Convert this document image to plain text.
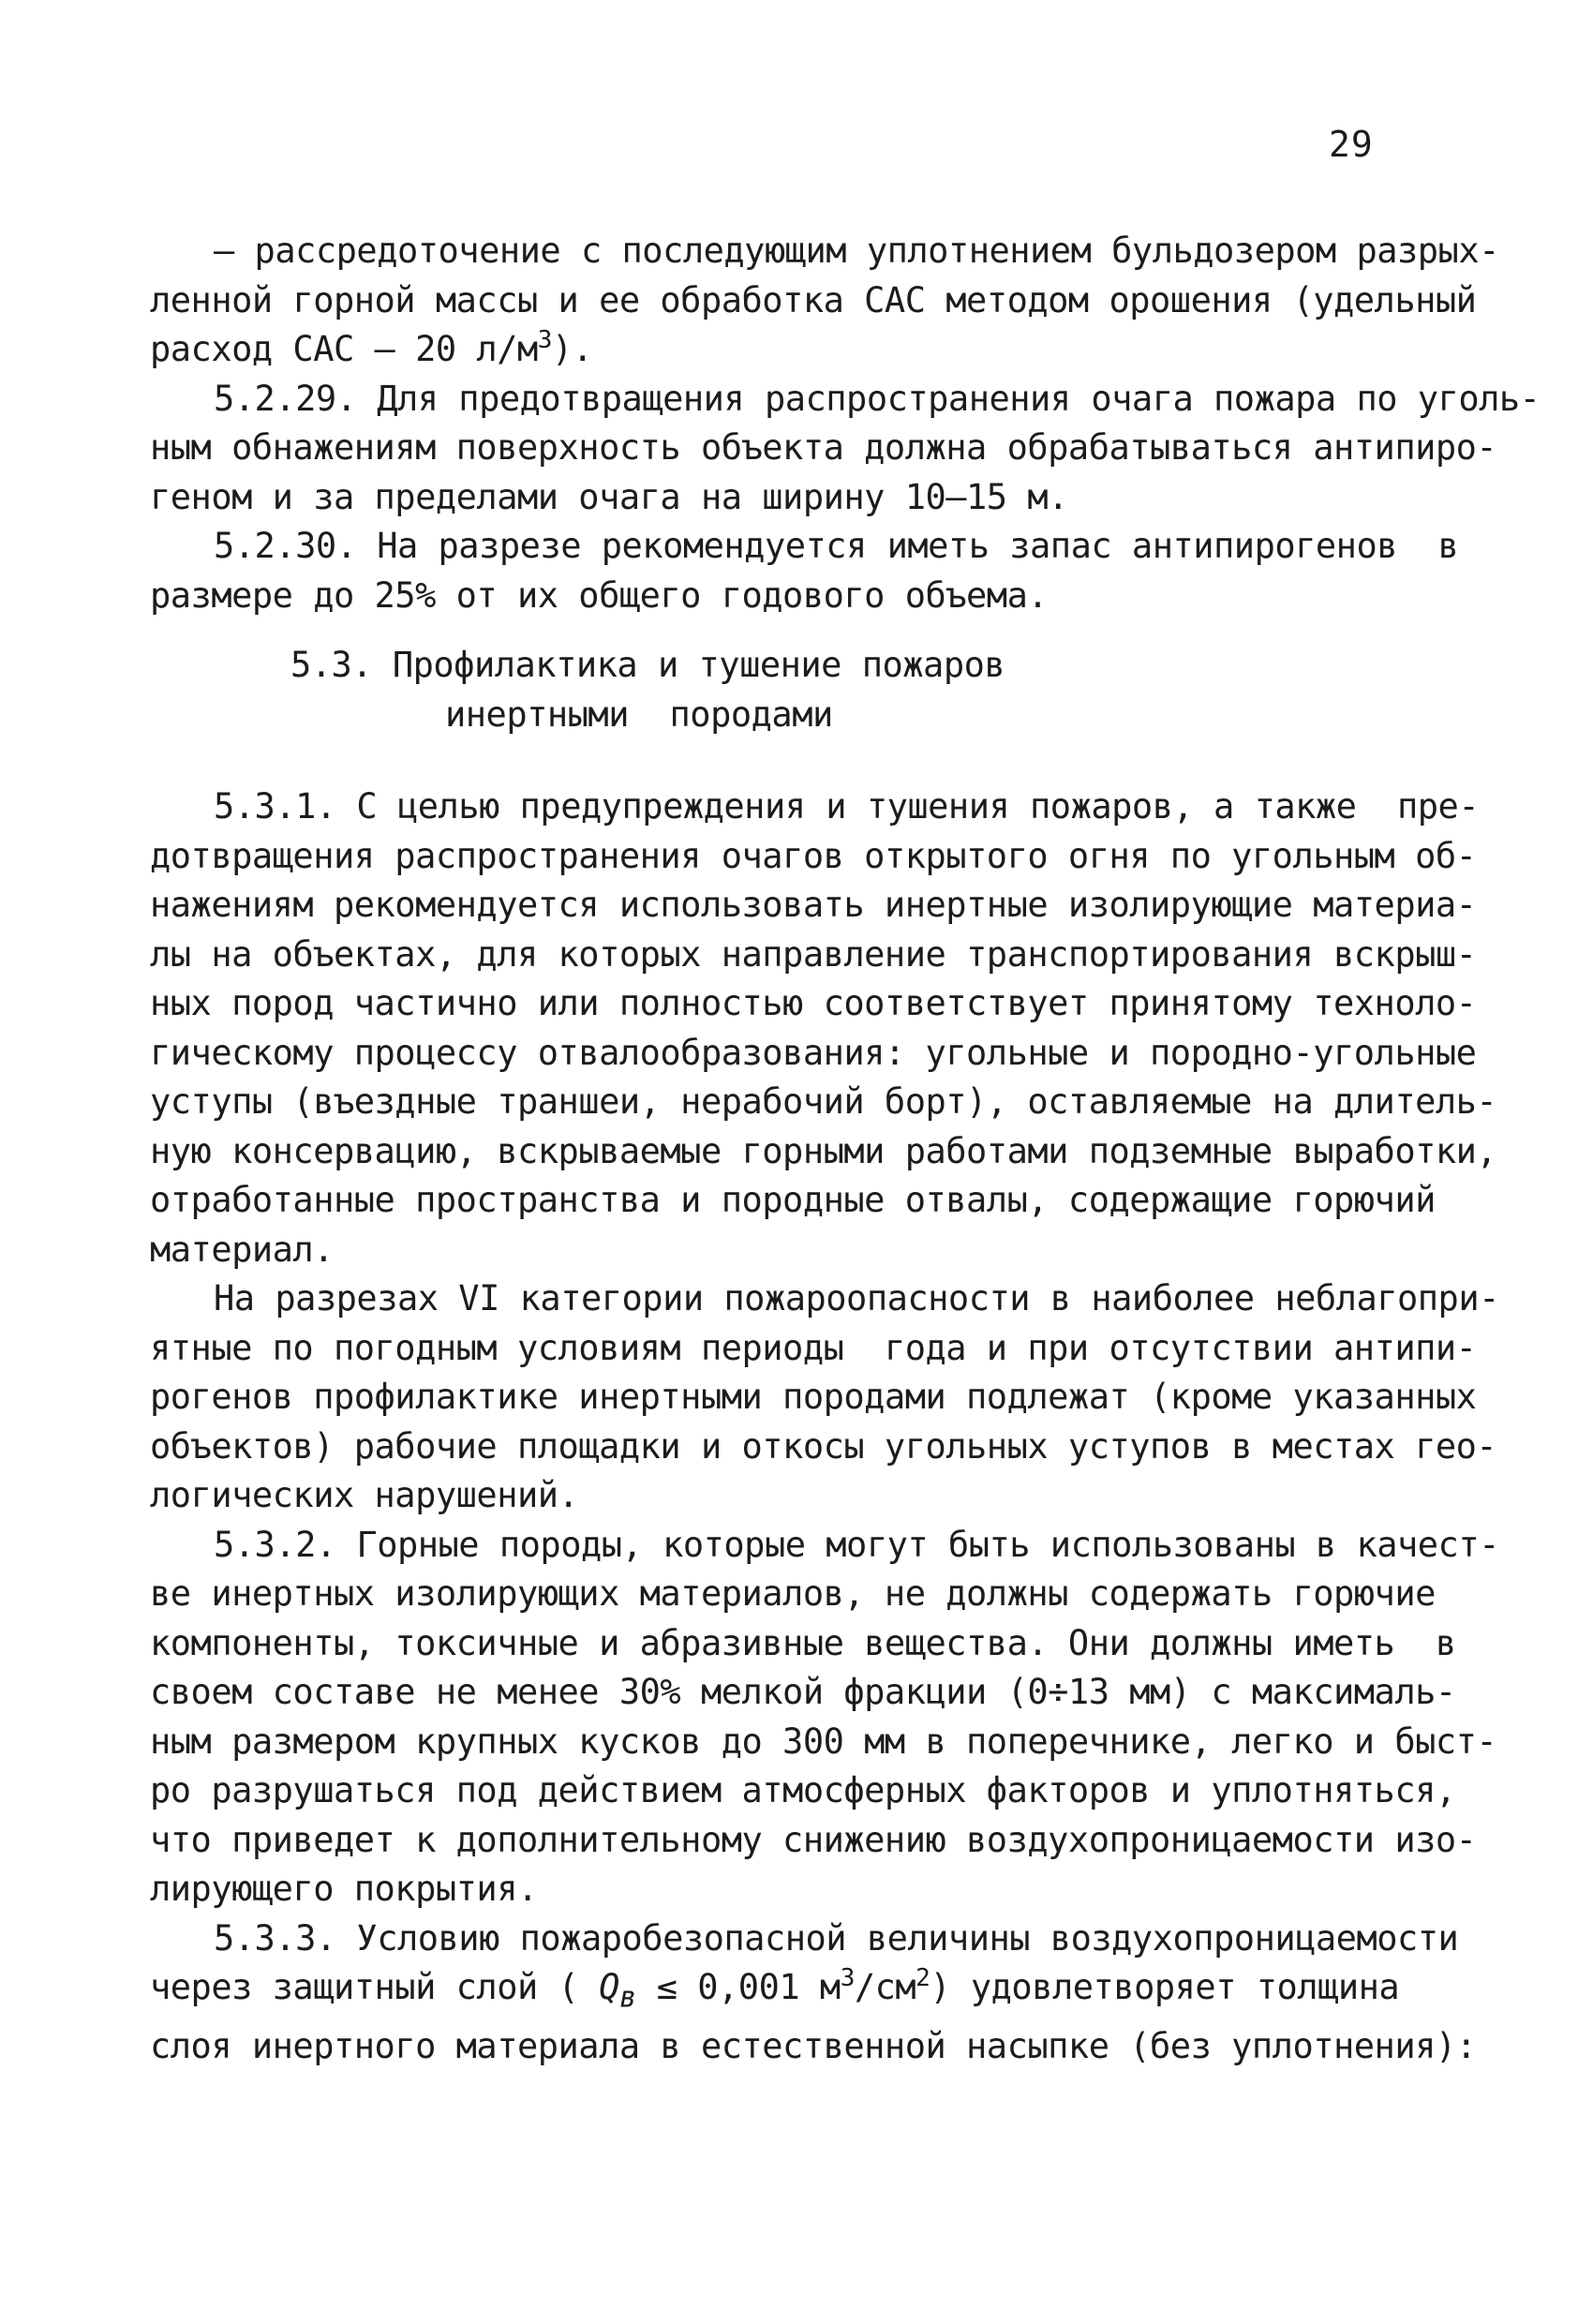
29
– рассредоточение с последующим уплотнением бульдозером разрых-
ленной горной массы и ее обработка САС методом орошения (удельный
расход САС – 20 $л/м^3$).
5.2.29. Для предотвращения распространения очага пожара по уголь-
ным обнажениям поверхность объекта должна обрабатываться антипиро-
геном и за пределами очага на ширину 10–15 м.
5.2.30. На разрезе рекомендуется иметь запас антипирогенов  в
размере до 25% от их общего годового объема.
5.3. Профилактика и тушение пожаров
инертными  породами
5.3.1. С целью предупреждения и тушения пожаров, а также  пре-
дотвращения распространения очагов открытого огня по угольным об-
нажениям рекомендуется использовать инертные изолирующие материа-
лы на объектах, для которых направление транспортирования вскрыш-
ных пород частично или полностью соответствует принятому техноло-
гическому процессу отвалообразования: угольные и породно-угольные
уступы (въездные траншеи, нерабочий борт), оставляемые на длитель-
ную консервацию, вскрываемые горными работами подземные выработки,
отработанные пространства и породные отвалы, содержащие горючий
материал.
На разрезах VI категории пожароопасности в наиболее неблагопри-
ятные по погодным условиям периоды  года и при отсутствии антипи-
рогенов профилактике инертными породами подлежат (кроме указанных
объектов) рабочие площадки и откосы угольных уступов в местах гео-
логических нарушений.
5.3.2. Горные породы, которые могут быть использованы в качест-
ве инертных изолирующих материалов, не должны содержать горючие
компоненты, токсичные и абразивные вещества. Они должны иметь  в
своем составе не менее 30% мелкой фракции (0÷13 мм) с максималь-
ным размером крупных кусков до 300 мм в поперечнике, легко и быст-
ро разрушаться под действием атмосферных факторов и уплотняться,
что приведет к дополнительному снижению воздухопроницаемости изо-
лирующего покрытия.
5.3.3. Условию пожаробезопасной величины воздухопроницаемости
через защитный слой ( $Q_в \le 0,001$ $м^3/см^2$) удовлетворяет толщина
слоя инертного материала в естественной насыпке (без уплотнения):
